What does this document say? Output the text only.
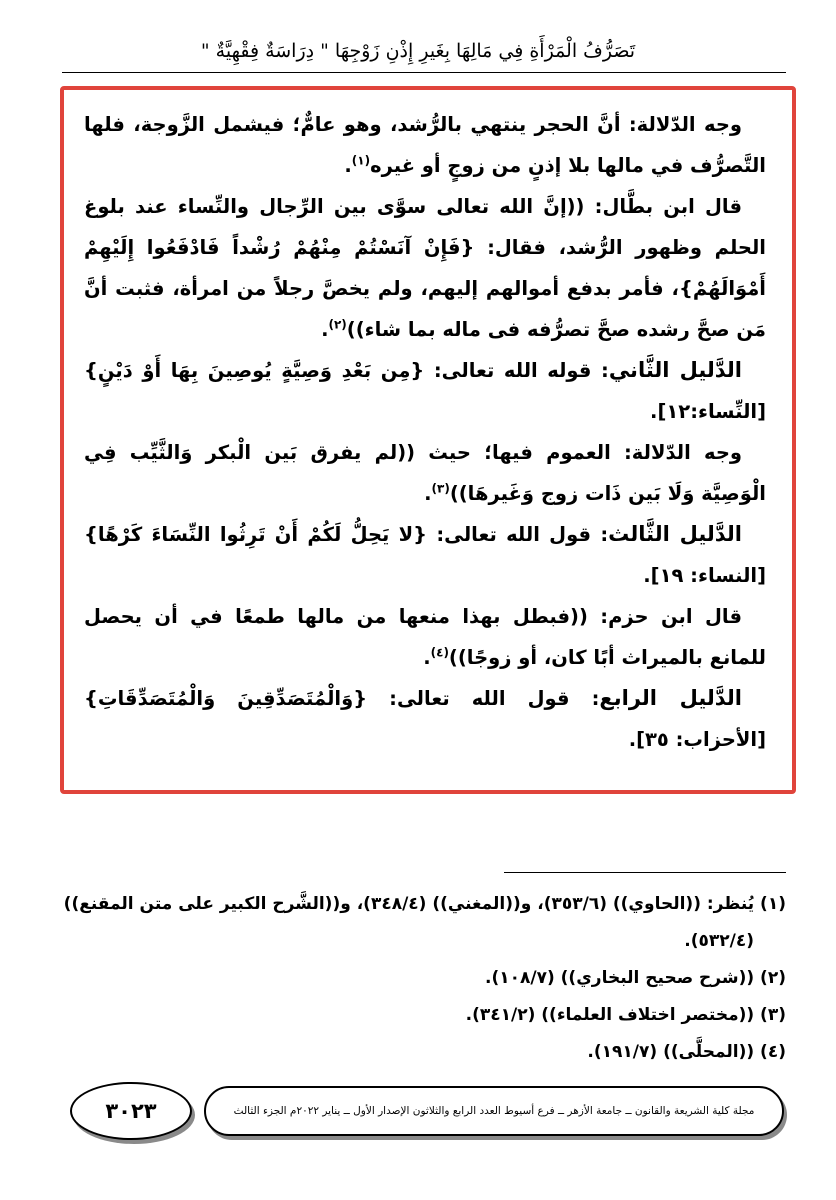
تَصَرُّفُ الْمَرْأَةِ فِي مَالِهَا بِغَيرِ إِذْنِ زَوْجِهَا " دِرَاسَةٌ فِقْهِيَّةٌ "

وجه الدّلالة: أنَّ الحجر ينتهي بالرُّشد، وهو عامٌّ؛ فيشمل الزَّوجة، فلها التَّصرُّف في مالها بلا إذنٍ من زوجٍ أو غيره$^{(١)}$.

قال ابن بطَّال: ((إنَّ الله تعالى سوَّى بين الرِّجال والنِّساء عند بلوغ الحلم وظهور الرُّشد، فقال: {فَإِنْ آنَسْتُمْ مِنْهُمْ رُشْداً فَادْفَعُوا إِلَيْهِمْ أَمْوَالَهُمْ}، فأمر بدفع أموالهم إليهم، ولم يخصَّ رجلاً من امرأة، فثبت أنَّ مَن صحَّ رشده صحَّ تصرُّفه فى ماله بما شاء))$^{(٢)}$.

الدَّليل الثَّاني: قوله الله تعالى: {مِن بَعْدِ وَصِيَّةٍ يُوصِينَ بِهَا أَوْ دَيْنٍ} [النِّساء:١٢].

وجه الدّلالة: العموم فيها؛ حيث ((لم يفرق بَين الْبكر وَالثَّيِّب فِي الْوَصِيَّة وَلَا بَين ذَات زوج وَغَيرهَا))$^{(٣)}$.

الدَّليل الثَّالث: قول الله تعالى: {لا يَحِلُّ لَكُمْ أَنْ تَرِثُوا النِّسَاءَ كَرْهًا} [النساء: ١٩].

قال ابن حزم: ((فبطل بهذا منعها من مالها طمعًا في أن يحصل للمانع بالميراث أبًا كان، أو زوجًا))$^{(٤)}$.

الدَّليل الرابع: قول الله تعالى: {وَالْمُتَصَدِّقِينَ وَالْمُتَصَدِّقَاتِ} [الأحزاب: ٣٥].

(١) يُنظر: ((الحاوي)) (٣٥٣/٦)، و((المغني)) (٣٤٨/٤)، و((الشَّرح الكبير على متن المقنع))

(٥٣٢/٤).

(٢) ((شرح صحيح البخاري)) (١٠٨/٧).

(٣) ((مختصر اختلاف العلماء)) (٣٤١/٢).

(٤) ((المحلَّى)) (١٩١/٧).

٣٠٢٣	مجلة كلية الشريعة والقانون ــ جامعة الأزهر ــ فرع أسيوط العدد الرابع والثلاثون الإصدار الأول ــ يناير ٢٠٢٢م الجزء الثالث
